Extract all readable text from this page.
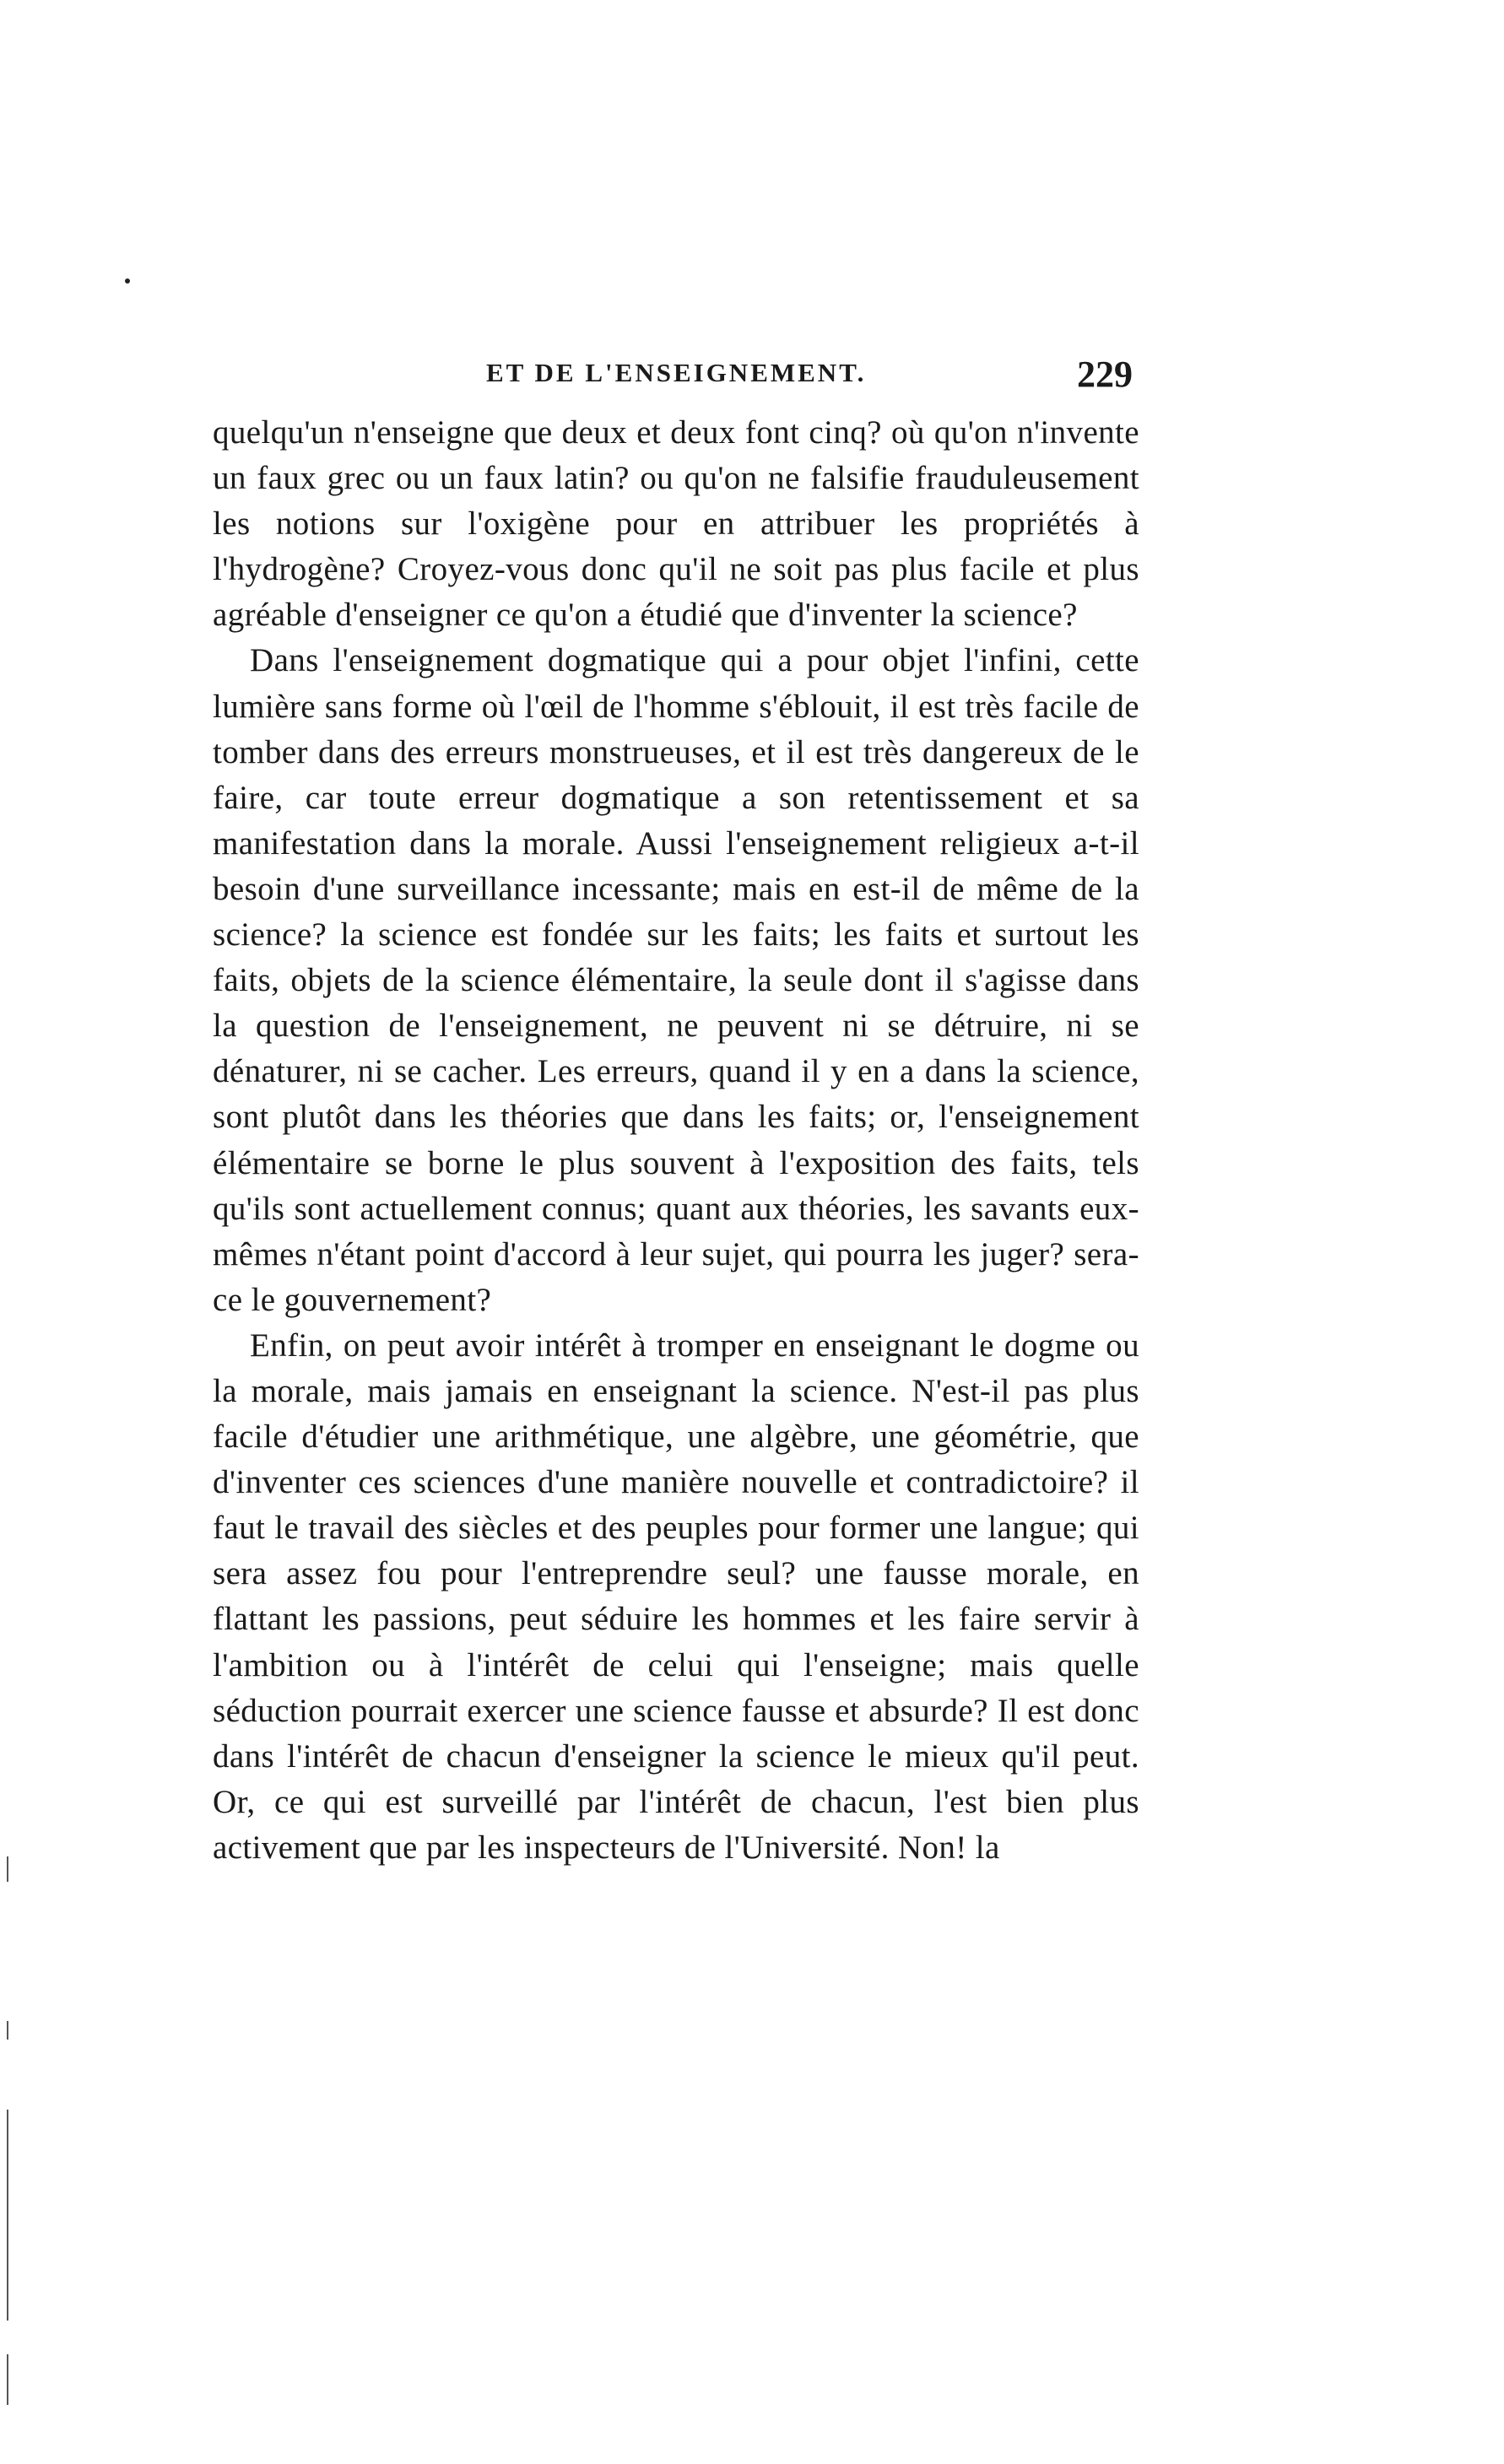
ET DE L'ENSEIGNEMENT.	229

quelqu'un n'enseigne que deux et deux font cinq? où qu'on n'invente un faux grec ou un faux latin? ou qu'on ne falsifie frauduleusement les notions sur l'oxigène pour en attribuer les propriétés à l'hydrogène? Croyez-vous donc qu'il ne soit pas plus facile et plus agréable d'enseigner ce qu'on a étudié que d'inventer la science?

Dans l'enseignement dogmatique qui a pour objet l'infini, cette lumière sans forme où l'œil de l'homme s'éblouit, il est très facile de tomber dans des erreurs monstrueuses, et il est très dangereux de le faire, car toute erreur dogmatique a son retentissement et sa manifestation dans la morale. Aussi l'enseignement religieux a-t-il besoin d'une surveillance incessante; mais en est-il de même de la science? la science est fondée sur les faits; les faits et surtout les faits, objets de la science élémentaire, la seule dont il s'agisse dans la question de l'enseignement, ne peuvent ni se détruire, ni se dénaturer, ni se cacher. Les erreurs, quand il y en a dans la science, sont plutôt dans les théories que dans les faits; or, l'enseignement élémentaire se borne le plus souvent à l'exposition des faits, tels qu'ils sont actuellement connus; quant aux théories, les savants eux-mêmes n'étant point d'accord à leur sujet, qui pourra les juger? sera-ce le gouvernement?

Enfin, on peut avoir intérêt à tromper en enseignant le dogme ou la morale, mais jamais en enseignant la science. N'est-il pas plus facile d'étudier une arithmétique, une algèbre, une géométrie, que d'inventer ces sciences d'une manière nouvelle et contradictoire? il faut le travail des siècles et des peuples pour former une langue; qui sera assez fou pour l'entreprendre seul? une fausse morale, en flattant les passions, peut séduire les hommes et les faire servir à l'ambition ou à l'intérêt de celui qui l'enseigne; mais quelle séduction pourrait exercer une science fausse et absurde? Il est donc dans l'intérêt de chacun d'enseigner la science le mieux qu'il peut. Or, ce qui est surveillé par l'intérêt de chacun, l'est bien plus activement que par les inspecteurs de l'Université. Non! la
